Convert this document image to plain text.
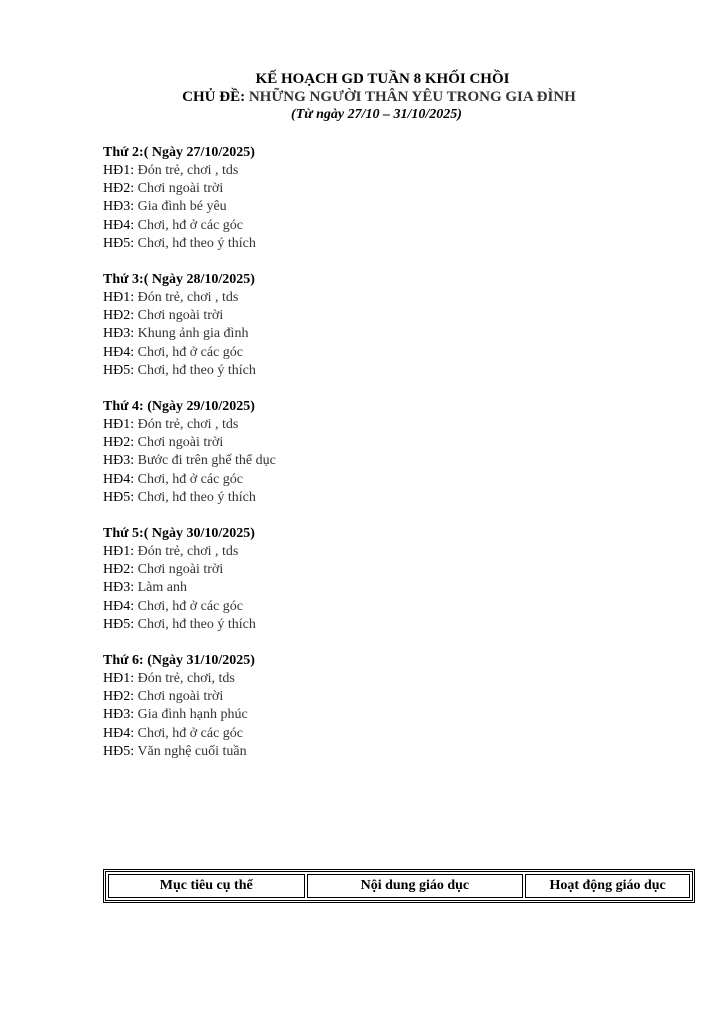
KẾ HOẠCH GD TUẦN 8 KHỐI CHỒI
CHỦ ĐỀ: NHỮNG NGƯỜI THÂN YÊU TRONG GIA ĐÌNH
(Từ ngày 27/10 – 31/10/2025)
Thứ 2:( Ngày 27/10/2025)
HĐ1: Đón trẻ, chơi , tds
HĐ2: Chơi ngoài trời
HĐ3: Gia đình bé yêu
HĐ4: Chơi, hđ ở các góc
HĐ5: Chơi, hđ theo ý thích
Thứ 3:( Ngày 28/10/2025)
HĐ1: Đón trẻ, chơi , tds
HĐ2: Chơi ngoài trời
HĐ3: Khung ảnh gia đình
HĐ4: Chơi, hđ ở các góc
HĐ5: Chơi, hđ theo ý thích
Thứ 4: (Ngày 29/10/2025)
HĐ1: Đón trẻ, chơi , tds
HĐ2: Chơi ngoài trời
HĐ3: Bước đi trên ghế thể dục
HĐ4: Chơi, hđ ở các góc
HĐ5: Chơi, hđ theo ý thích
Thứ 5:( Ngày 30/10/2025)
HĐ1: Đón trẻ, chơi , tds
HĐ2: Chơi ngoài trời
HĐ3: Làm anh
HĐ4: Chơi, hđ ở các góc
HĐ5: Chơi, hđ theo ý thích
Thứ 6: (Ngày 31/10/2025)
HĐ1: Đón trẻ, chơi, tds
HĐ2: Chơi ngoài trời
HĐ3: Gia đình hạnh phúc
HĐ4: Chơi, hđ ở các góc
HĐ5: Văn nghệ cuối tuần
Mục tiêu cụ thể	Nội dung giáo dục	Hoạt động giáo dục
